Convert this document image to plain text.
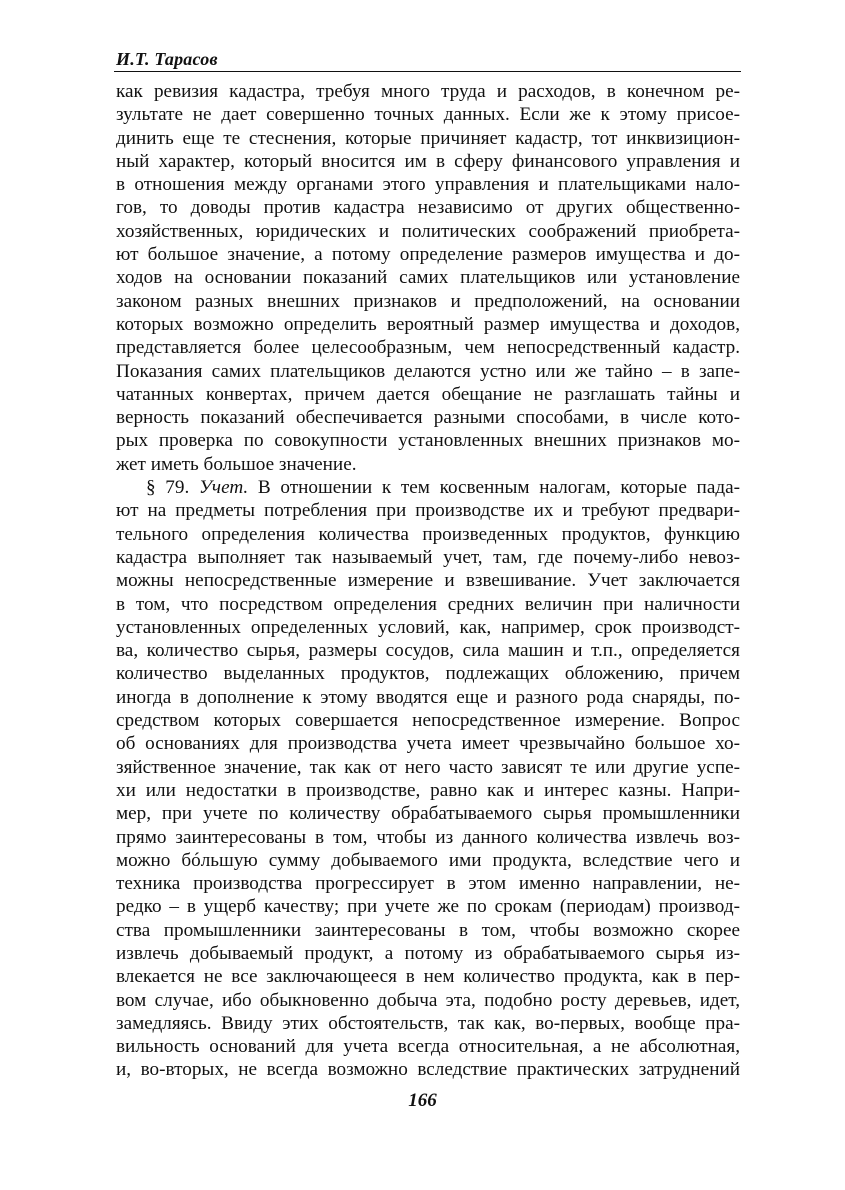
И.Т. Тарасов
как ревизия кадастра, требуя много труда и расходов, в конечном ре-
зультате не дает совершенно точных данных. Если же к этому присое-
динить еще те стеснения, которые причиняет кадастр, тот инквизицион-
ный характер, который вносится им в сферу финансового управления и
в отношения между органами этого управления и плательщиками нало-
гов, то доводы против кадастра независимо от других общественно-
хозяйственных, юридических и политических соображений приобрета-
ют большое значение, а потому определение размеров имущества и до-
ходов на основании показаний самих плательщиков или установление
законом разных внешних признаков и предположений, на основании
которых возможно определить вероятный размер имущества и доходов,
представляется более целесообразным, чем непосредственный кадастр.
Показания самих плательщиков делаются устно или же тайно – в запе-
чатанных конвертах, причем дается обещание не разглашать тайны и
верность показаний обеспечивается разными способами, в числе кото-
рых проверка по совокупности установленных внешних признаков мо-
жет иметь большое значение.
§ 79. Учет. В отношении к тем косвенным налогам, которые пада-
ют на предметы потребления при производстве их и требуют предвари-
тельного определения количества произведенных продуктов, функцию
кадастра выполняет так называемый учет, там, где почему-либо невоз-
можны непосредственные измерение и взвешивание. Учет заключается
в том, что посредством определения средних величин при наличности
установленных определенных условий, как, например, срок производст-
ва, количество сырья, размеры сосудов, сила машин и т.п., определяется
количество выделанных продуктов, подлежащих обложению, причем
иногда в дополнение к этому вводятся еще и разного рода снаряды, по-
средством которых совершается непосредственное измерение. Вопрос
об основаниях для производства учета имеет чрезвычайно большое хо-
зяйственное значение, так как от него часто зависят те или другие успе-
хи или недостатки в производстве, равно как и интерес казны. Напри-
мер, при учете по количеству обрабатываемого сырья промышленники
прямо заинтересованы в том, чтобы из данного количества извлечь воз-
можно бóльшую сумму добываемого ими продукта, вследствие чего и
техника производства прогрессирует в этом именно направлении, не-
редко – в ущерб качеству; при учете же по срокам (периодам) производ-
ства промышленники заинтересованы в том, чтобы возможно скорее
извлечь добываемый продукт, а потому из обрабатываемого сырья из-
влекается не все заключающееся в нем количество продукта, как в пер-
вом случае, ибо обыкновенно добыча эта, подобно росту деревьев, идет,
замедляясь. Ввиду этих обстоятельств, так как, во-первых, вообще пра-
вильность оснований для учета всегда относительная, а не абсолютная,
и, во-вторых, не всегда возможно вследствие практических затруднений
166
